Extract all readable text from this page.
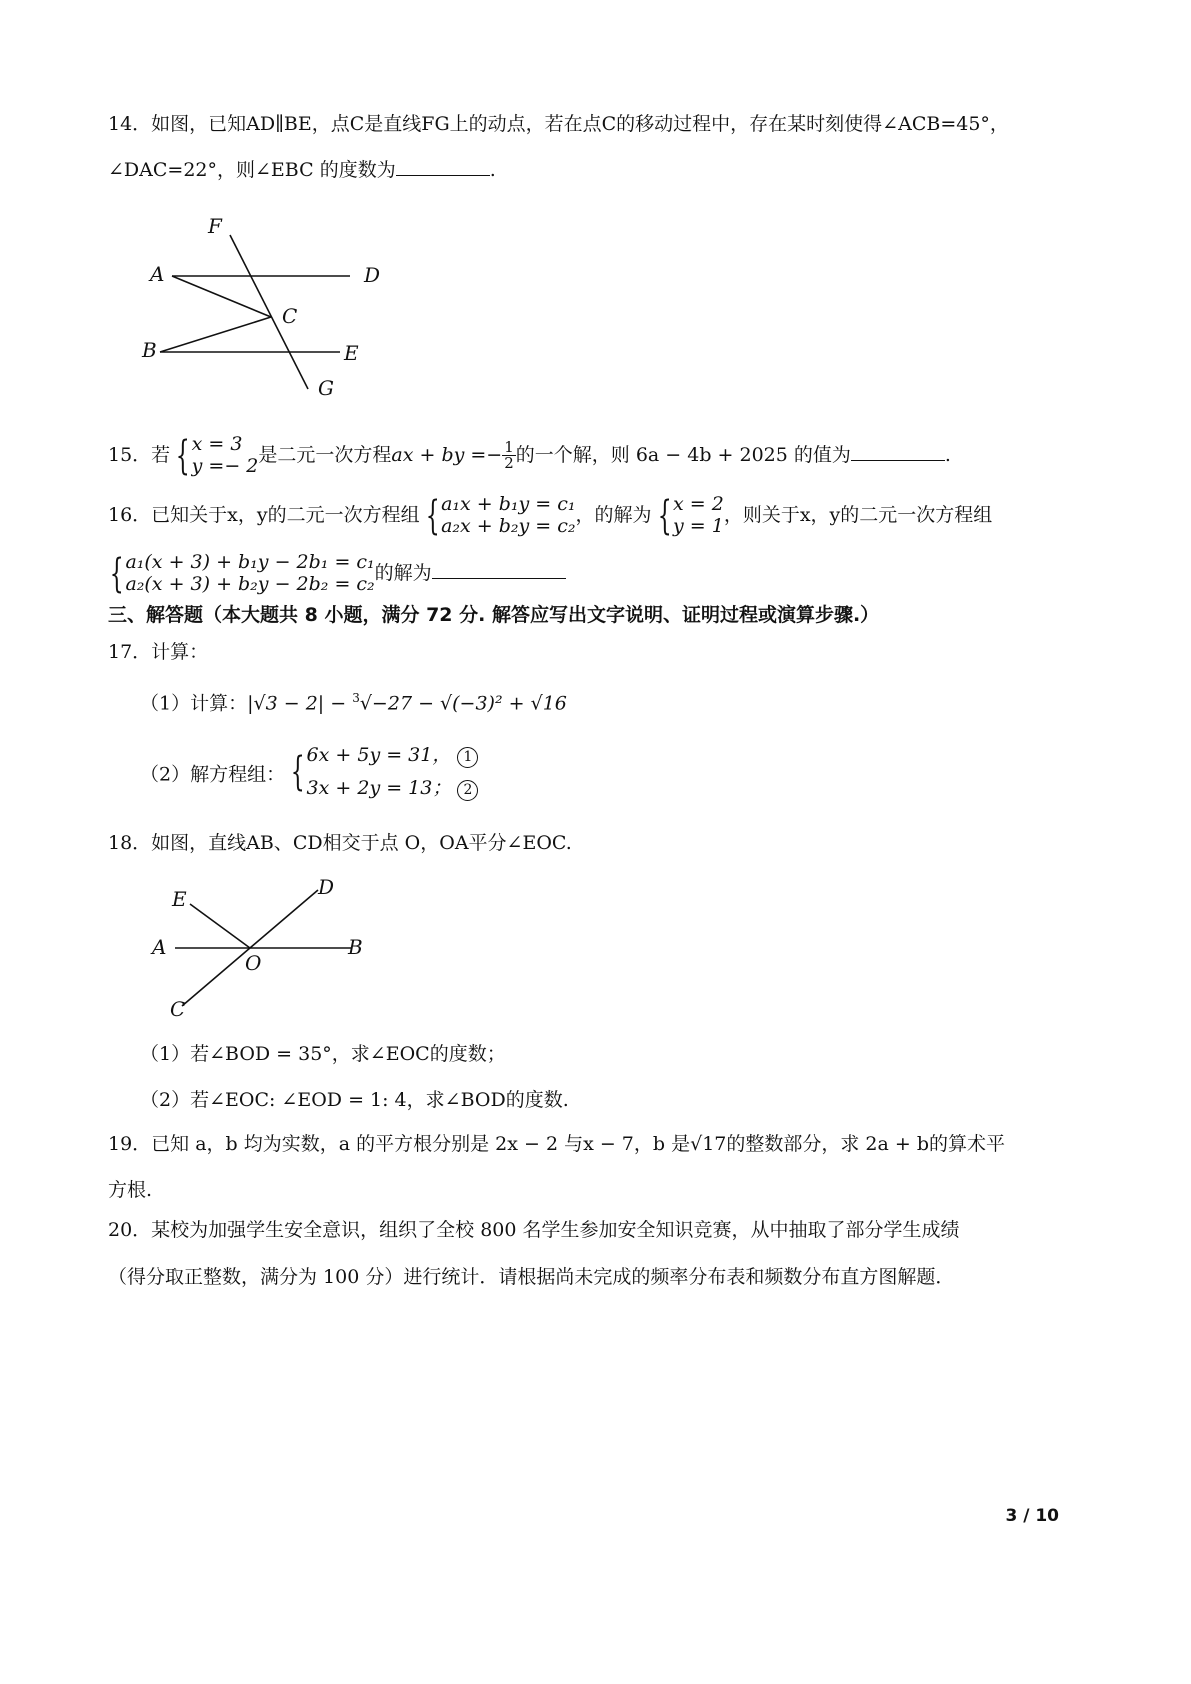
14．如图，已知AD∥BE，点C是直线FG上的动点，若在点C的移动过程中，存在某时刻使得∠ACB=45°，
∠DAC=22°，则∠EBC 的度数为	.
F
A	D
C
B	E
G
15．若 { x = 3
y =− 2 是二元一次方程ax + by =− $\frac{1}{2}$ 的一个解，则 6a − 4b + 2025 的值为	.
16．已知关于x，y的二元一次方程组 { a₁x + b₁y = c₁
a₂x + b₂y = c₂ ，的解为 { x = 2
y = 1 ，则关于x，y的二元一次方程组
{ a₁(x + 3) + b₁y − 2b₁ = c₁
a₂(x + 3) + b₂y − 2b₂ = c₂ 的解为
三、解答题（本大题共 8 小题，满分 72 分. 解答应写出文字说明、证明过程或演算步骤.）
17．计算：
（1）计算：|√3 − 2| − $^3$√−27 − √(−3)² + √16
（2）解方程组： { 6x + 5y = 31， 1
3x + 2y = 13； 2
18．如图，直线AB、CD相交于点 O，OA平分∠EOC.
E	D
A
O
B
C
（1）若∠BOD = 35°，求∠EOC的度数；
（2）若∠EOC: ∠EOD = 1: 4，求∠BOD的度数.
19．已知 a，b 均为实数，a 的平方根分别是 2x − 2 与x − 7，b 是√17的整数部分，求 2a + b的算术平
方根.
20．某校为加强学生安全意识，组织了全校 800 名学生参加安全知识竞赛，从中抽取了部分学生成绩
（得分取正整数，满分为 100 分）进行统计．请根据尚未完成的频率分布表和频数分布直方图解题．
3 / 10
